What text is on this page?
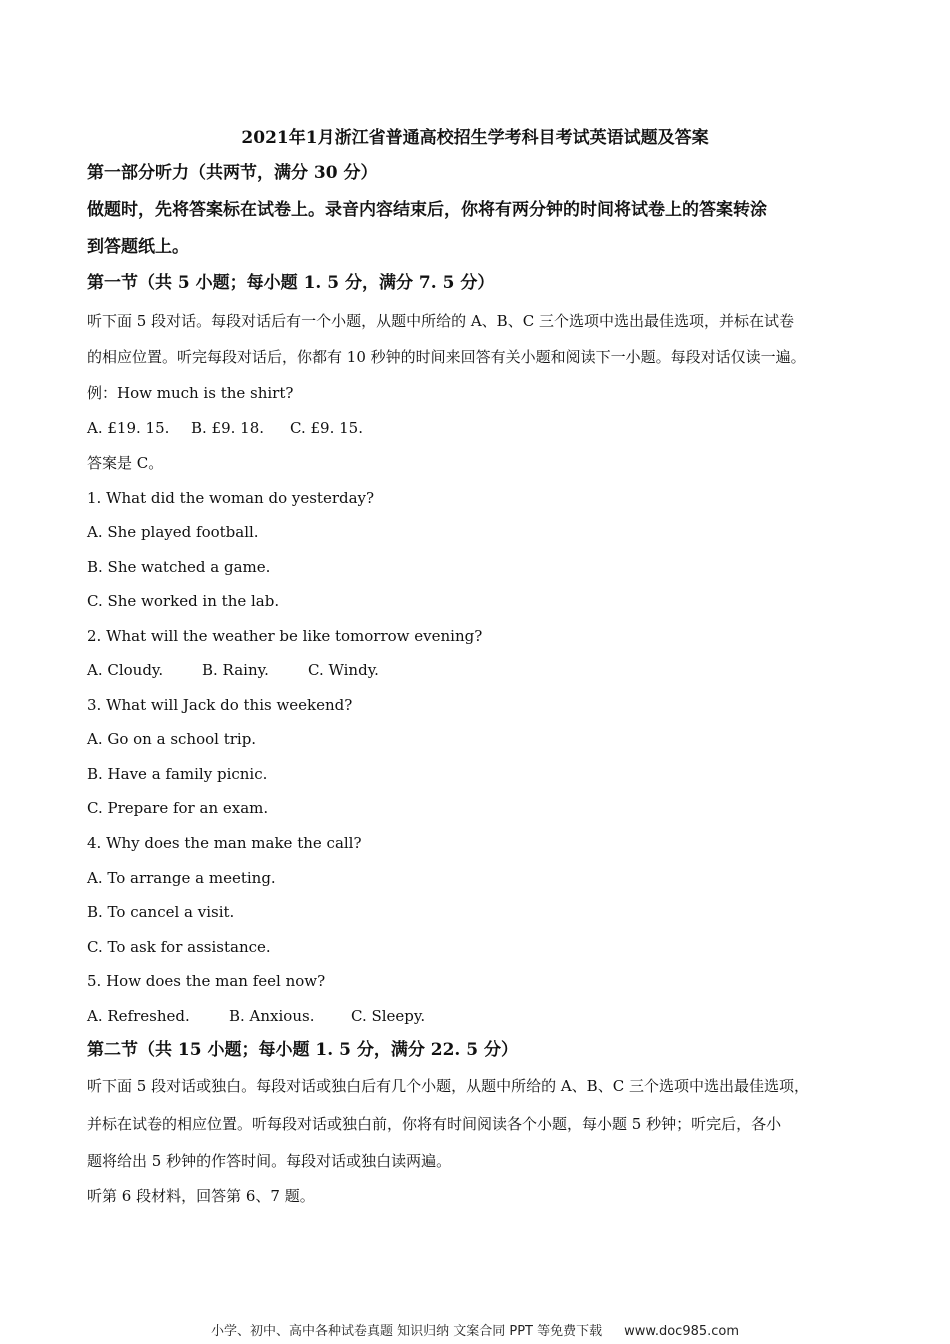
2021年1月浙江省普通高校招生学考科目考试英语试题及答案
第一部分听力（共两节，满分 30 分）
做题时，先将答案标在试卷上。录音内容结束后，你将有两分钟的时间将试卷上的答案转涂
到答题纸上。
第一节（共 5 小题；每小题 1. 5 分，满分 7. 5 分）
听下面 5 段对话。每段对话后有一个小题，从题中所给的 A、B、C 三个选项中选出最佳选项，并标在试卷
的相应位置。听完每段对话后，你都有 10 秒钟的时间来回答有关小题和阅读下一小题。每段对话仅读一遍。
例：How much is the shirt?
A. £19. 15. B. £9. 18. C. £9. 15.
答案是 C。
1. What did the woman do yesterday?
A. She played football.
B. She watched a game.
C. She worked in the lab.
2. What will the weather be like tomorrow evening?
A. Cloudy.	B. Rainy.	C. Windy.
3. What will Jack do this weekend?
A. Go on a school trip.
B. Have a family picnic.
C. Prepare for an exam.
4. Why does the man make the call?
A. To arrange a meeting.
B. To cancel a visit.
C. To ask for assistance.
5. How does the man feel now?
A. Refreshed.	B. Anxious. C. Sleepy.
第二节（共 15 小题；每小题 1. 5 分，满分 22. 5 分）
听下面 5 段对话或独白。每段对话或独白后有几个小题，从题中所给的 A、B、C 三个选项中选出最佳选项，
并标在试卷的相应位置。听每段对话或独白前，你将有时间阅读各个小题，每小题 5 秒钟；听完后，各小
题将给出 5 秒钟的作答时间。每段对话或独白读两遍。
听第 6 段材料，回答第 6、7 题。
小学、初中、高中各种试卷真题 知识归纳 文案合同 PPT 等免费下载 www.doc985.com
